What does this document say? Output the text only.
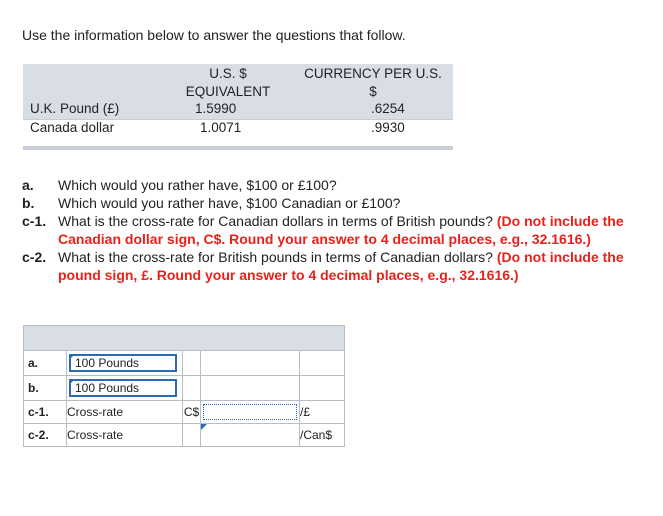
Use the information below to answer the questions that follow.
U.S. $
EQUIVALENT
CURRENCY PER U.S.
$
U.K. Pound (£)	1.5990	.6254
Canada dollar	1.0071	.9930
a. Which would you rather have, $100 or £100?
b. Which would you rather have, $100 Canadian or £100?
c-1. What is the cross-rate for Canadian dollars in terms of British pounds? (Do not include the Canadian dollar sign, C$. Round your answer to 4 decimal places, e.g., 32.1616.)
c-2. What is the cross-rate for British pounds in terms of Canadian dollars? (Do not include the pound sign, £. Round your answer to 4 decimal places, e.g., 32.1616.)

a.	100 Pounds			

b.	100 Pounds			

c-1.	Cross-rate	C$		/£
c-2.	Cross-rate			/Can$
